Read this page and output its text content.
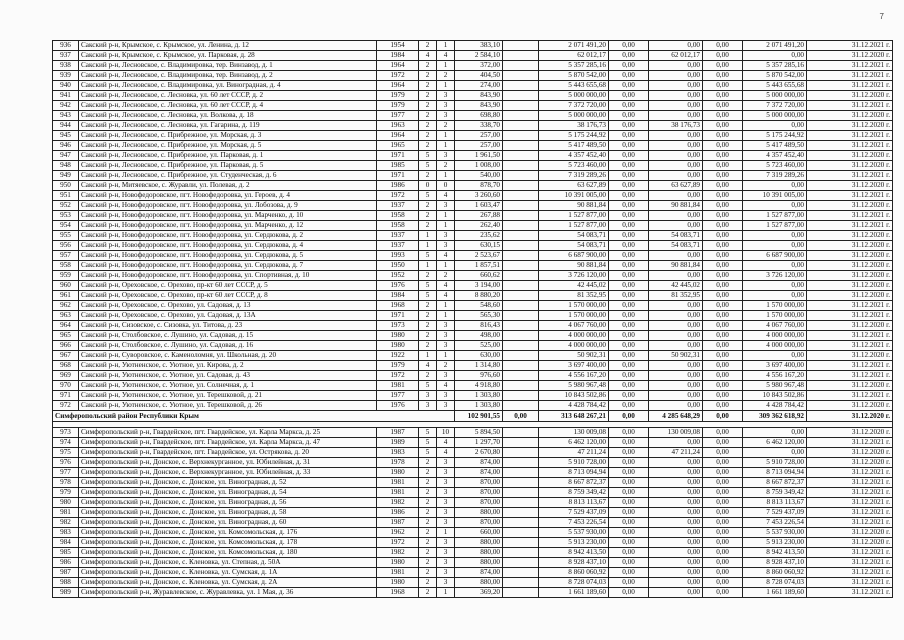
7
936	Сакский р-н, Крымское, с. Крымское, ул. Ленина, д. 12	1954	2	1	383,10		2 071 491,20	0,00	0,00	0,00	2 071 491,20	31.12.2021 г.
937	Сакский р-н, Крымское, с. Крымское, ул. Парковая, д. 28	1984	4	4	2 584,10		62 012,17	0,00	62 012,17	0,00	0,00	31.12.2020 г.
938	Сакский р-н, Лесновское, с. Владимировка, тер. Винзавод, д. 1	1964	2	1	372,00		5 357 285,16	0,00	0,00	0,00	5 357 285,16	31.12.2021 г.
939	Сакский р-н, Лесновское, с. Владимировка, тер. Винзавод, д. 2	1972	2	2	404,50		5 870 542,00	0,00	0,00	0,00	5 870 542,00	31.12.2021 г.
940	Сакский р-н, Лесновское, с. Владимировка, ул. Виноградная, д. 4	1964	2	1	274,00		5 443 655,68	0,00	0,00	0,00	5 443 655,68	31.12.2021 г.
941	Сакский р-н, Лесновское, с. Лесновка, ул. 60 лет СССР, д. 2	1979	2	3	843,90		5 000 000,00	0,00	0,00	0,00	5 000 000,00	31.12.2020 г.
942	Сакский р-н, Лесновское, с. Лесновка, ул. 60 лет СССР, д. 4	1979	2	3	843,90		7 372 720,00	0,00	0,00	0,00	7 372 720,00	31.12.2021 г.
943	Сакский р-н, Лесновское, с. Лесновка, ул. Волкова, д. 18	1977	2	3	698,80		5 000 000,00	0,00	0,00	0,00	5 000 000,00	31.12.2020 г.
944	Сакский р-н, Лесновское, с. Лесновка, ул. Гагарина, д. 119	1963	2	2	338,70		38 176,73	0,00	38 176,73	0,00	0,00	31.12.2020 г.
945	Сакский р-н, Лесновское, с. Прибрежное, ул. Морская, д. 3	1964	2	1	257,00		5 175 244,92	0,00	0,00	0,00	5 175 244,92	31.12.2021 г.
946	Сакский р-н, Лесновское, с. Прибрежное, ул. Морская, д. 5	1965	2	1	257,00		5 417 489,50	0,00	0,00	0,00	5 417 489,50	31.12.2021 г.
947	Сакский р-н, Лесновское, с. Прибрежное, ул. Парковая, д. 1	1971	5	3	1 961,50		4 357 452,40	0,00	0,00	0,00	4 357 452,40	31.12.2020 г.
948	Сакский р-н, Лесновское, с. Прибрежное, ул. Парковая, д. 5	1985	5	2	1 008,00		5 723 460,00	0,00	0,00	0,00	5 723 460,00	31.12.2020 г.
949	Сакский р-н, Лесновское, с. Прибрежное, ул. Студенческая, д. 6	1971	2	1	540,00		7 319 289,26	0,00	0,00	0,00	7 319 289,26	31.12.2021 г.
950	Сакский р-н, Митяевское, с. Журавли, ул. Полевая, д. 2	1986	0	0	878,70		63 627,89	0,00	63 627,89	0,00	0,00	31.12.2020 г.
951	Сакский р-н, Новофедоровское, пгт. Новофедоровка, ул. Героев, д. 4	1972	5	4	3 260,60		10 391 005,00	0,00	0,00	0,00	10 391 005,00	31.12.2021 г.
952	Сакский р-н, Новофедоровское, пгт. Новофедоровка, ул. Лобозова, д. 9	1937	2	3	1 603,47		90 881,84	0,00	90 881,84	0,00	0,00	31.12.2020 г.
953	Сакский р-н, Новофедоровское, пгт. Новофедоровка, ул. Марченко, д. 10	1958	2	1	267,88		1 527 877,00	0,00	0,00	0,00	1 527 877,00	31.12.2021 г.
954	Сакский р-н, Новофедоровское, пгт. Новофедоровка, ул. Марченко, д. 12	1958	2	1	262,40		1 527 877,00	0,00	0,00	0,00	1 527 877,00	31.12.2021 г.
955	Сакский р-н, Новофедоровское, пгт. Новофедоровка, ул. Сердюкова, д. 2	1937	1	3	235,62		54 083,71	0,00	54 083,71	0,00	0,00	31.12.2020 г.
956	Сакский р-н, Новофедоровское, пгт. Новофедоровка, ул. Сердюкова, д. 4	1937	1	3	630,15		54 083,71	0,00	54 083,71	0,00	0,00	31.12.2020 г.
957	Сакский р-н, Новофедоровское, пгт. Новофедоровка, ул. Сердюкова, д. 5	1993	5	4	2 523,67		6 687 900,00	0,00	0,00	0,00	6 687 900,00	31.12.2020 г.
958	Сакский р-н, Новофедоровское, пгт. Новофедоровка, ул. Сердюкова, д. 7	1950	1	1	1 857,51		90 881,84	0,00	90 881,84	0,00	0,00	31.12.2020 г.
959	Сакский р-н, Новофедоровское, пгт. Новофедоровка, ул. Спортивная, д. 10	1952	2	2	660,62		3 726 120,00	0,00	0,00	0,00	3 726 120,00	31.12.2020 г.
960	Сакский р-н, Ореховское, с. Орехово, пр-кт 60 лет СССР, д. 5	1976	5	4	3 194,00		42 445,02	0,00	42 445,02	0,00	0,00	31.12.2020 г.
961	Сакский р-н, Ореховское, с. Орехово, пр-кт 60 лет СССР, д. 8	1984	5	4	8 880,20		81 352,95	0,00	81 352,95	0,00	0,00	31.12.2020 г.
962	Сакский р-н, Ореховское, с. Орехово, ул. Садовая, д. 13	1968	2	1	548,60		1 570 000,00	0,00	0,00	0,00	1 570 000,00	31.12.2021 г.
963	Сакский р-н, Ореховское, с. Орехово, ул. Садовая, д. 13А	1971	2	1	565,30		1 570 000,00	0,00	0,00	0,00	1 570 000,00	31.12.2021 г.
964	Сакский р-н, Сизовское, с. Сизовка, ул. Титова, д. 23	1973	2	3	816,43		4 067 760,00	0,00	0,00	0,00	4 067 760,00	31.12.2020 г.
965	Сакский р-н, Столбовское, с. Лушино, ул. Садовая, д. 15	1980	2	3	498,00		4 000 000,00	0,00	0,00	0,00	4 000 000,00	31.12.2021 г.
966	Сакский р-н, Столбовское, с. Лушино, ул. Садовая, д. 16	1980	2	3	525,00		4 000 000,00	0,00	0,00	0,00	4 000 000,00	31.12.2021 г.
967	Сакский р-н, Суворовское, с. Каменоломня, ул. Школьная, д. 20	1922	1	1	630,00		50 902,31	0,00	50 902,31	0,00	0,00	31.12.2020 г.
968	Сакский р-н, Уютненское, с. Уютное, ул. Кирова, д. 2	1979	4	2	1 314,80		3 697 400,00	0,00	0,00	0,00	3 697 400,00	31.12.2021 г.
969	Сакский р-н, Уютненское, с. Уютное, ул. Садовая, д. 43	1972	2	3	976,60		4 556 167,20	0,00	0,00	0,00	4 556 167,20	31.12.2021 г.
970	Сакский р-н, Уютненское, с. Уютное, ул. Солнечная, д. 1	1981	5	4	4 918,80		5 980 967,48	0,00	0,00	0,00	5 980 967,48	31.12.2020 г.
971	Сакский р-н, Уютненское, с. Уютное, ул. Терешковой, д. 21	1977	3	3	1 303,80		10 843 502,86	0,00	0,00	0,00	10 843 502,86	31.12.2021 г.
972	Сакский р-н, Уютненское, с. Уютное, ул. Терешковой, д. 26	1976	3	3	1 303,80		4 428 784,42	0,00	0,00	0,00	4 428 784,42	31.12.2020 г.
Симферопольский район Республики Крым					102 901,55	0,00	313 648 267,21	0,00	4 285 648,29	0,00	309 362 618,92	31.12.2020 г.

973	Симферопольский р-н, Гвардейское, пгт. Гвардейское, ул. Карла Маркса, д. 25	1987	5	10	5 894,50		130 009,08	0,00	130 009,08	0,00	0,00	31.12.2020 г.
974	Симферопольский р-н, Гвардейское, пгт. Гвардейское, ул. Карла Маркса, д. 47	1989	5	4	1 297,70		6 462 120,00	0,00	0,00	0,00	6 462 120,00	31.12.2021 г.
975	Симферопольский р-н, Гвардейское, пгт. Гвардейское, ул. Острякова, д. 20	1983	5	4	2 670,80		47 211,24	0,00	47 211,24	0,00	0,00	31.12.2020 г.
976	Симферопольский р-н, Донское, с. Верхнекурганное, ул. Юбилейная, д. 31	1978	2	3	874,00		5 910 728,00	0,00	0,00	0,00	5 910 728,00	31.12.2020 г.
977	Симферопольский р-н, Донское, с. Верхнекурганное, ул. Юбилейная, д. 33	1980	2	3	874,00		8 713 094,94	0,00	0,00	0,00	8 713 094,94	31.12.2021 г.
978	Симферопольский р-н, Донское, с. Донское, ул. Виноградная, д. 52	1981	2	3	870,00		8 667 872,37	0,00	0,00	0,00	8 667 872,37	31.12.2021 г.
979	Симферопольский р-н, Донское, с. Донское, ул. Виноградная, д. 54	1981	2	3	870,00		8 759 349,42	0,00	0,00	0,00	8 759 349,42	31.12.2021 г.
980	Симферопольский р-н, Донское, с. Донское, ул. Виноградная, д. 56	1982	2	3	870,00		8 813 113,67	0,00	0,00	0,00	8 813 113,67	31.12.2021 г.
981	Симферопольский р-н, Донское, с. Донское, ул. Виноградная, д. 58	1986	2	3	880,00		7 529 437,09	0,00	0,00	0,00	7 529 437,09	31.12.2021 г.
982	Симферопольский р-н, Донское, с. Донское, ул. Виноградная, д. 60	1987	2	3	870,00		7 453 226,54	0,00	0,00	0,00	7 453 226,54	31.12.2021 г.
983	Симферопольский р-н, Донское, с. Донское, ул. Комсомольская, д. 176	1962	2	1	660,00		5 537 930,00	0,00	0,00	0,00	5 537 930,00	31.12.2020 г.
984	Симферопольский р-н, Донское, с. Донское, ул. Комсомольская, д. 178	1972	2	3	880,00		5 913 230,00	0,00	0,00	0,00	5 913 230,00	31.12.2020 г.
985	Симферопольский р-н, Донское, с. Донское, ул. Комсомольская, д. 180	1982	2	3	880,00		8 942 413,50	0,00	0,00	0,00	8 942 413,50	31.12.2021 г.
986	Симферопольский р-н, Донское, с. Кленовка, ул. Степная, д. 50А	1980	2	3	880,00		8 928 437,10	0,00	0,00	0,00	8 928 437,10	31.12.2021 г.
987	Симферопольский р-н, Донское, с. Кленовка, ул. Сумская, д. 1А	1981	2	3	874,00		8 860 060,92	0,00	0,00	0,00	8 860 060,92	31.12.2021 г.
988	Симферопольский р-н, Донское, с. Кленовка, ул. Сумская, д. 2А	1980	2	3	880,00		8 728 074,03	0,00	0,00	0,00	8 728 074,03	31.12.2021 г.
989	Симферопольский р-н, Журавлевское, с. Журавлевка, ул. 1 Мая, д. 36	1968	2	1	369,20		1 661 189,60	0,00	0,00	0,00	1 661 189,60	31.12.2021 г.
